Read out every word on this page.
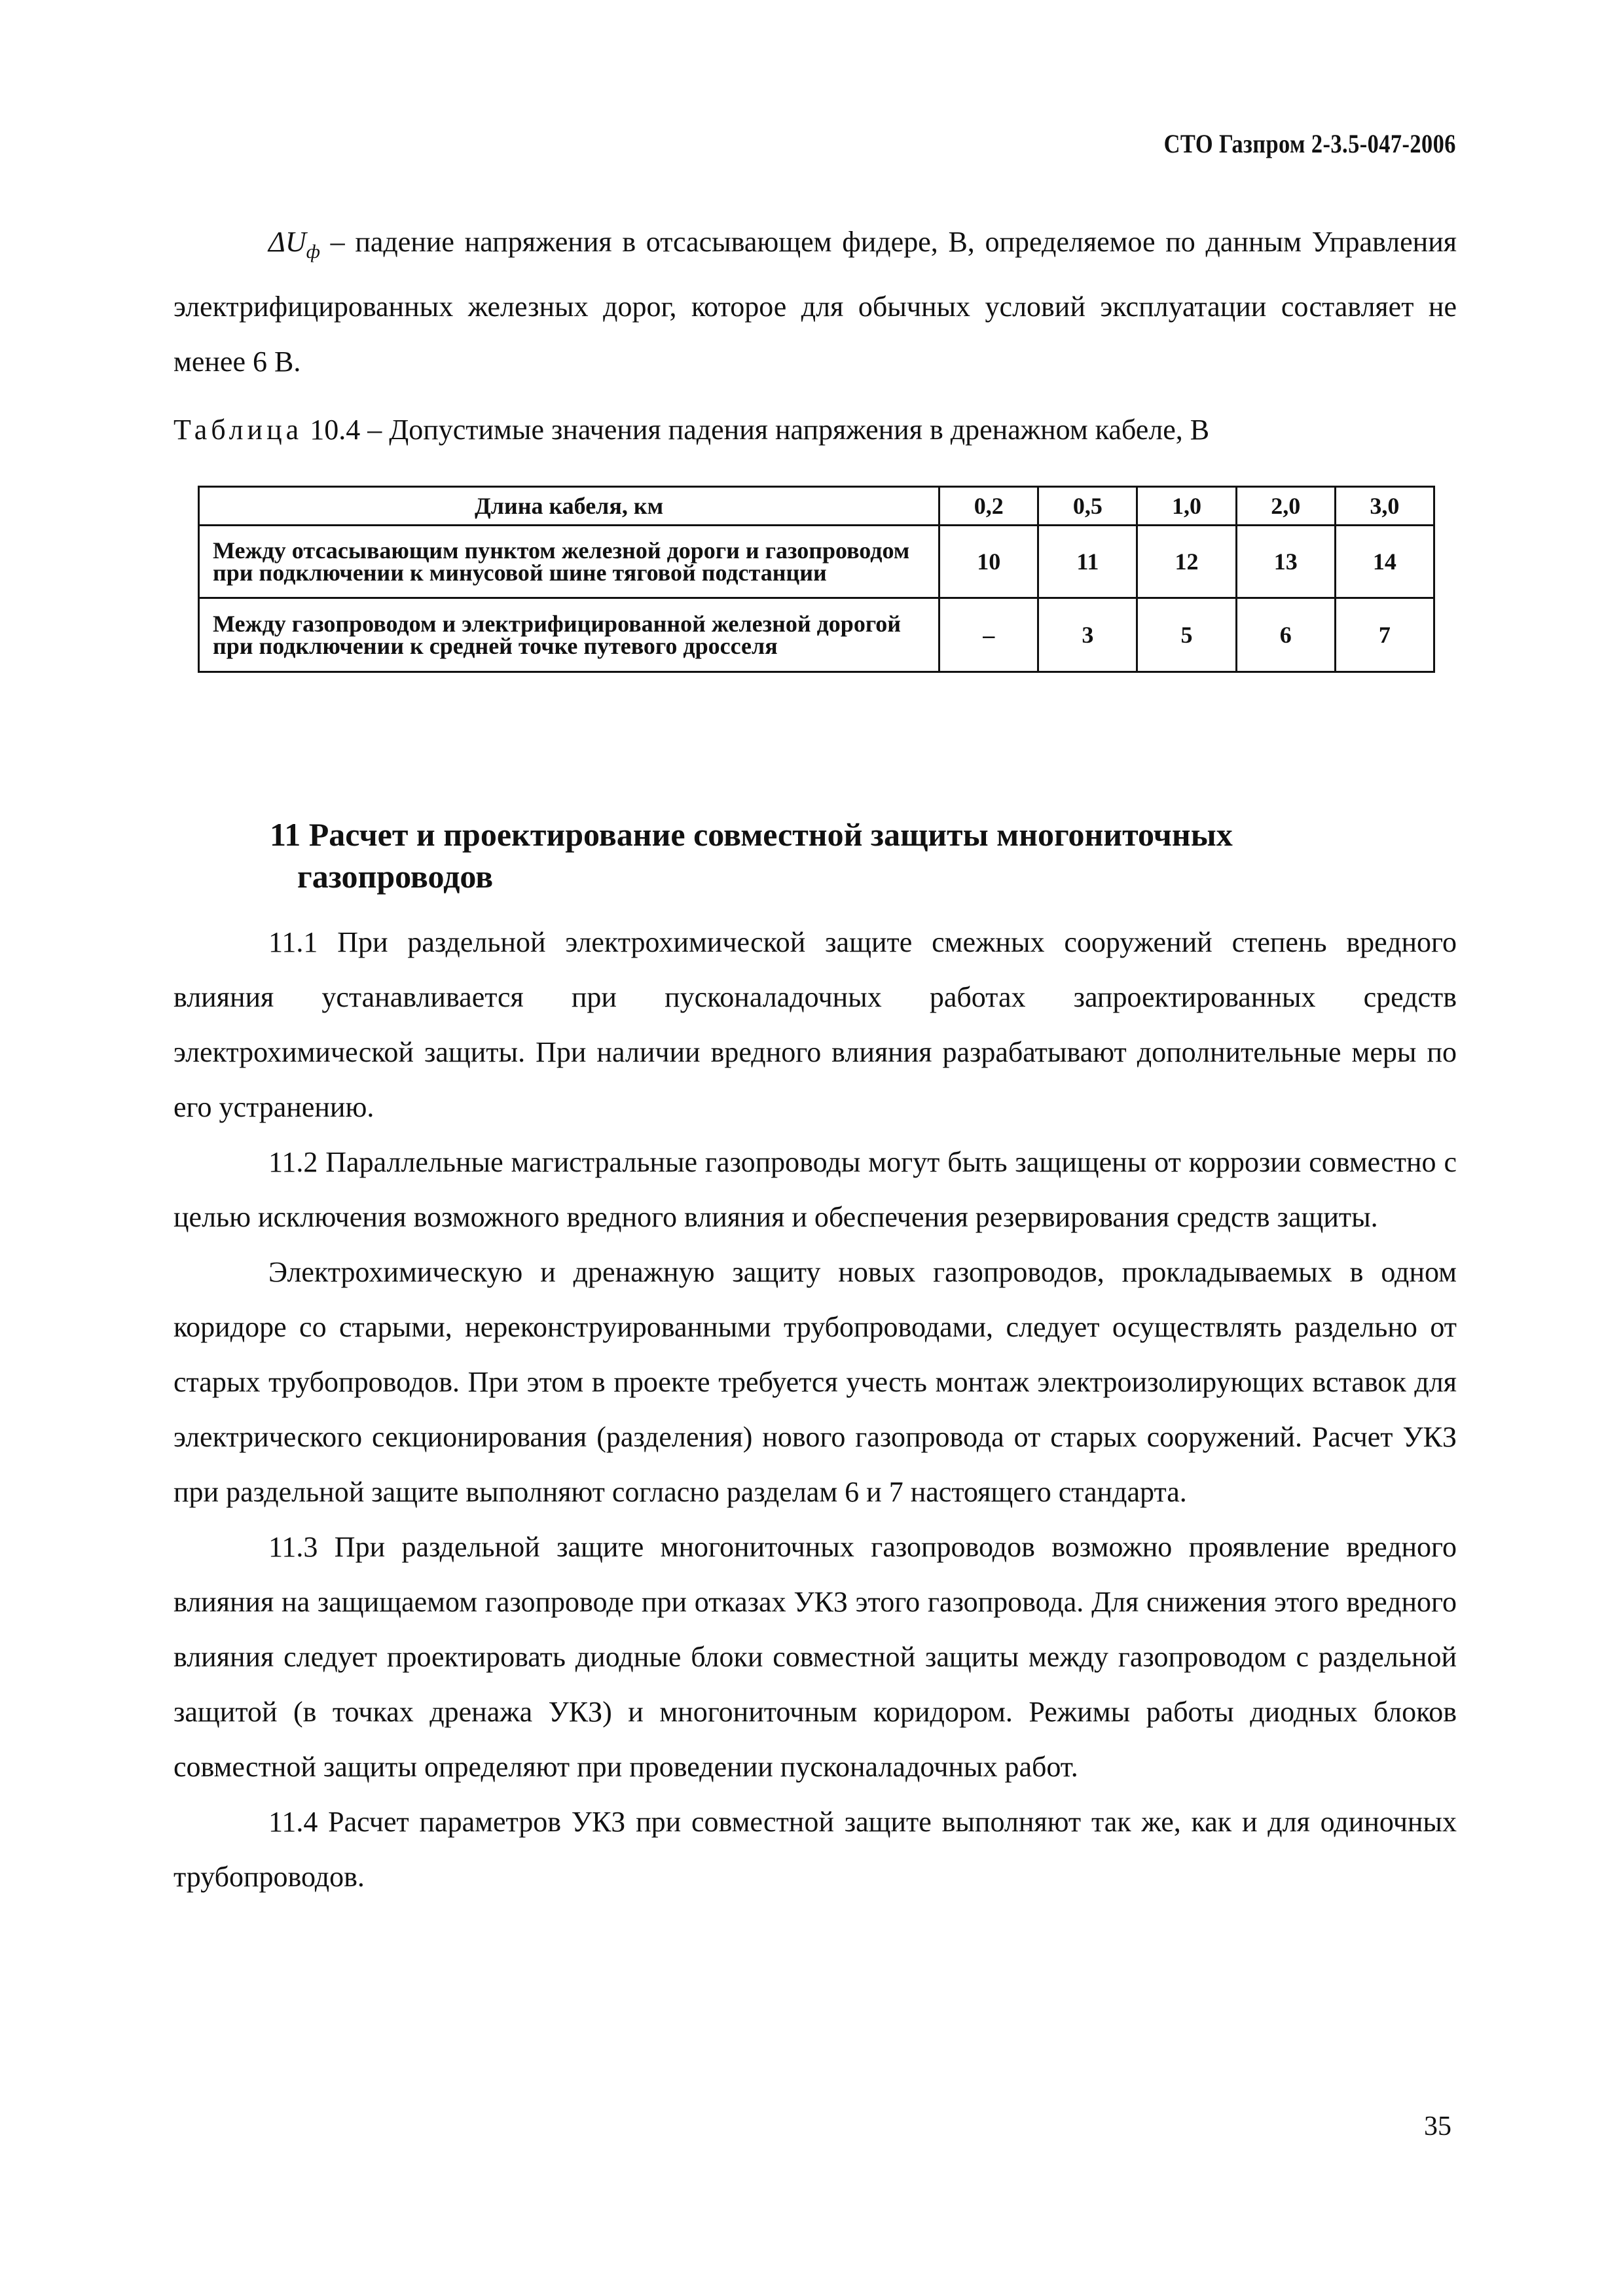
СТО Газпром 2-3.5-047-2006

$\Delta U_ф$ – падение напряжения в отсасывающем фидере, В, определяемое по данным Управления электрифицированных железных дорог, которое для обычных условий эксплуатации составляет не менее 6 В.

Таблица 10.4 – Допустимые значения падения напряжения в дренажном кабеле, В
Длина кабеля, км	0,2	0,5	1,0	2,0	3,0
Между отсасывающим пунктом железной дороги и газопроводом при подключении к минусовой шине тяговой подстанции	10	11	12	13	14
Между газопроводом и электрифицированной железной дорогой при подключении к средней точке путевого дросселя	–	3	5	6	7
11 Расчет и проектирование совместной защиты многониточных
газопроводов

11.1 При раздельной электрохимической защите смежных сооружений степень вредного влияния устанавливается при пусконаладочных работах запроектированных средств электрохимической защиты. При наличии вредного влияния разрабатывают дополнительные меры по его устранению.

11.2 Параллельные магистральные газопроводы могут быть защищены от коррозии совместно с целью исключения возможного вредного влияния и обеспечения резервирования средств защиты.

Электрохимическую и дренажную защиту новых газопроводов, прокладываемых в одном коридоре со старыми, нереконструированными трубопроводами, следует осуществлять раздельно от старых трубопроводов. При этом в проекте требуется учесть монтаж электроизолирующих вставок для электрического секционирования (разделения) нового газопровода от старых сооружений. Расчет УКЗ при раздельной защите выполняют согласно разделам 6 и 7 настоящего стандарта.

11.3 При раздельной защите многониточных газопроводов возможно проявление вредного влияния на защищаемом газопроводе при отказах УКЗ этого газопровода. Для снижения этого вредного влияния следует проектировать диодные блоки совместной защиты между газопроводом с раздельной защитой (в точках дренажа УКЗ) и многониточным коридором. Режимы работы диодных блоков совместной защиты определяют при проведении пусконаладочных работ.

11.4 Расчет параметров УКЗ при совместной защите выполняют так же, как и для одиночных трубопроводов.

35
